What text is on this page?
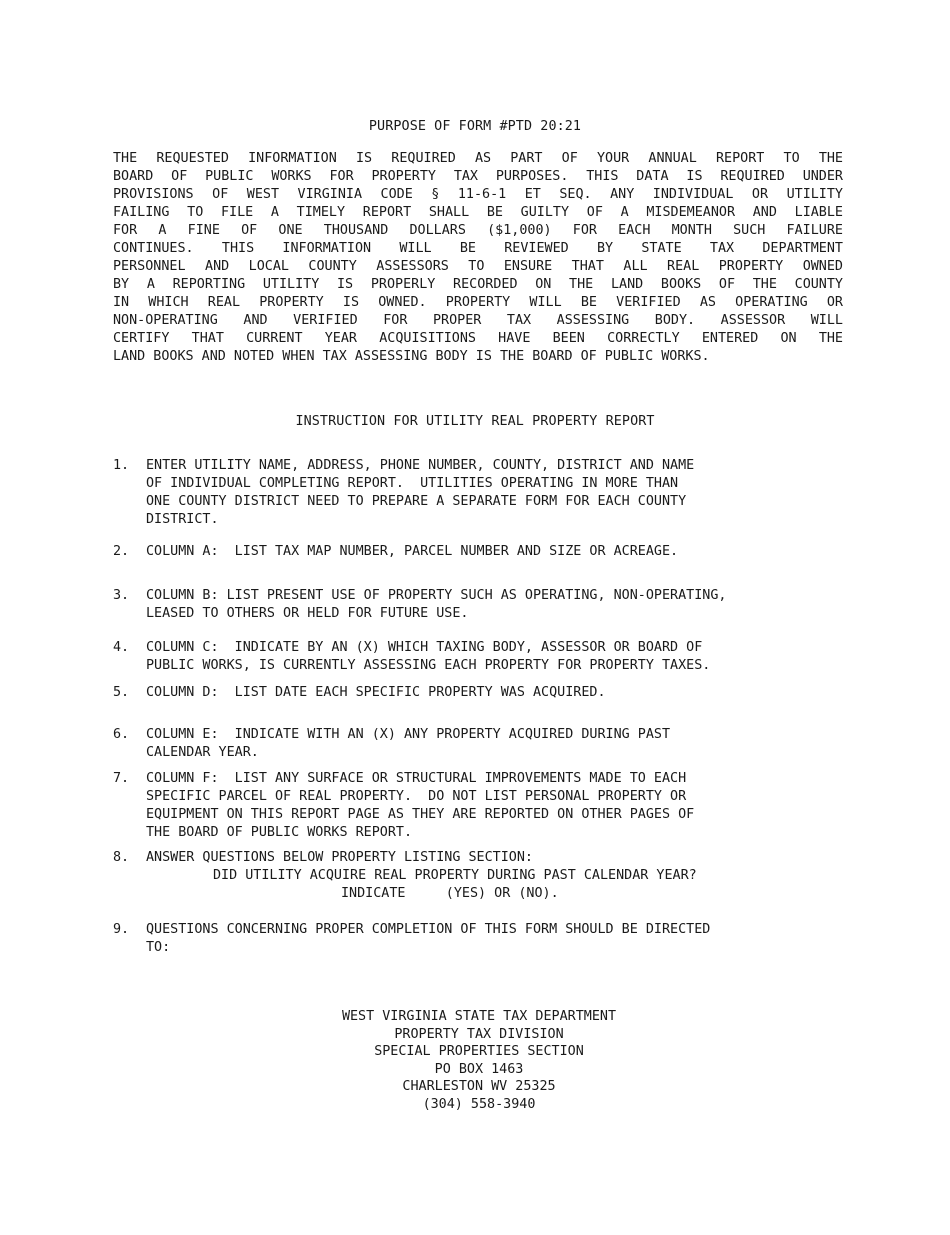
PURPOSE OF FORM #PTD 20:21
THE REQUESTED INFORMATION IS REQUIRED AS PART OF YOUR ANNUAL REPORT TO THE
BOARD OF PUBLIC WORKS FOR PROPERTY TAX PURPOSES. THIS DATA IS REQUIRED UNDER
PROVISIONS OF WEST VIRGINIA CODE § 11-6-1 ET SEQ. ANY INDIVIDUAL OR UTILITY
FAILING TO FILE A TIMELY REPORT SHALL BE GUILTY OF A MISDEMEANOR AND LIABLE
FOR A FINE OF ONE THOUSAND DOLLARS ($1,000) FOR EACH MONTH SUCH FAILURE
CONTINUES. THIS INFORMATION WILL BE REVIEWED BY STATE TAX DEPARTMENT
PERSONNEL AND LOCAL COUNTY ASSESSORS TO ENSURE THAT ALL REAL PROPERTY OWNED
BY A REPORTING UTILITY IS PROPERLY RECORDED ON THE LAND BOOKS OF THE COUNTY
IN WHICH REAL PROPERTY IS OWNED. PROPERTY WILL BE VERIFIED AS OPERATING OR
NON-OPERATING AND VERIFIED FOR PROPER TAX ASSESSING BODY. ASSESSOR WILL
CERTIFY THAT CURRENT YEAR ACQUISITIONS HAVE BEEN CORRECTLY ENTERED ON THE
LAND BOOKS AND NOTED WHEN TAX ASSESSING BODY IS THE BOARD OF PUBLIC WORKS.
INSTRUCTION FOR UTILITY REAL PROPERTY REPORT
1. ENTER UTILITY NAME, ADDRESS, PHONE NUMBER, COUNTY, DISTRICT AND NAME
OF INDIVIDUAL COMPLETING REPORT.  UTILITIES OPERATING IN MORE THAN
ONE COUNTY DISTRICT NEED TO PREPARE A SEPARATE FORM FOR EACH COUNTY
DISTRICT.
2. COLUMN A:  LIST TAX MAP NUMBER, PARCEL NUMBER AND SIZE OR ACREAGE.
3. COLUMN B: LIST PRESENT USE OF PROPERTY SUCH AS OPERATING, NON-OPERATING,
LEASED TO OTHERS OR HELD FOR FUTURE USE.
4. COLUMN C:  INDICATE BY AN (X) WHICH TAXING BODY, ASSESSOR OR BOARD OF
PUBLIC WORKS, IS CURRENTLY ASSESSING EACH PROPERTY FOR PROPERTY TAXES.
5. COLUMN D:  LIST DATE EACH SPECIFIC PROPERTY WAS ACQUIRED.
6. COLUMN E:  INDICATE WITH AN (X) ANY PROPERTY ACQUIRED DURING PAST
CALENDAR YEAR.
7. COLUMN F:  LIST ANY SURFACE OR STRUCTURAL IMPROVEMENTS MADE TO EACH
SPECIFIC PARCEL OF REAL PROPERTY.  DO NOT LIST PERSONAL PROPERTY OR
EQUIPMENT ON THIS REPORT PAGE AS THEY ARE REPORTED ON OTHER PAGES OF
THE BOARD OF PUBLIC WORKS REPORT.
8. ANSWER QUESTIONS BELOW PROPERTY LISTING SECTION:
DID UTILITY ACQUIRE REAL PROPERTY DURING PAST CALENDAR YEAR?
INDICATE     (YES) OR (NO).
9. QUESTIONS CONCERNING PROPER COMPLETION OF THIS FORM SHOULD BE DIRECTED
TO:
WEST VIRGINIA STATE TAX DEPARTMENT
PROPERTY TAX DIVISION
SPECIAL PROPERTIES SECTION
PO BOX 1463
CHARLESTON WV 25325
(304) 558-3940
